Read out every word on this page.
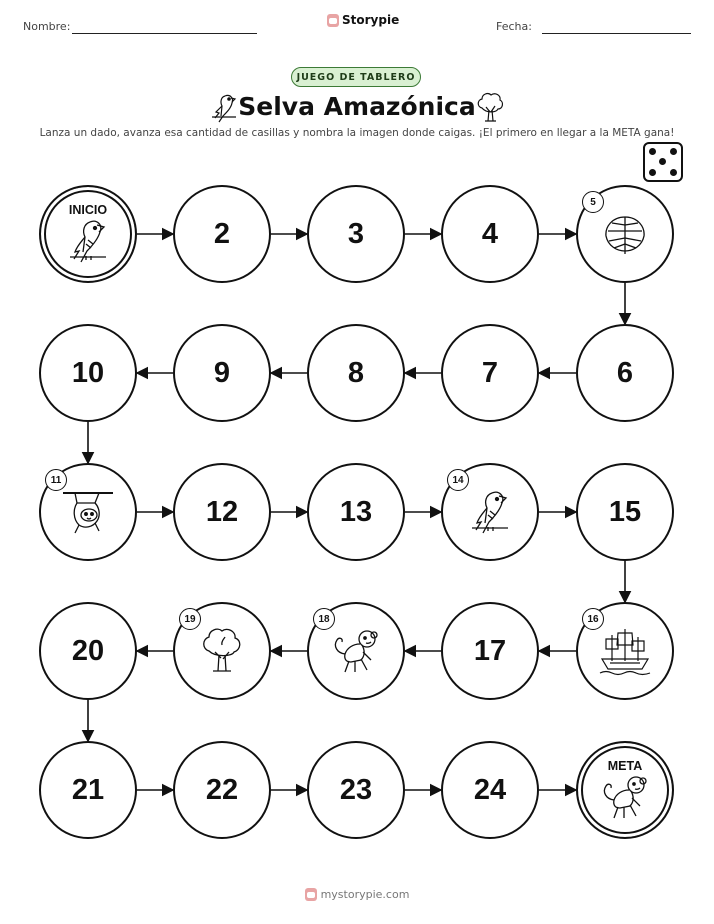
Nombre:	Storypie	Fecha:
JUEGO DE TABLERO
Selva Amazónica
Lanza un dado, avanza esa cantidad de casillas y nombra la imagen donde caigas. ¡El primero en llegar a la META gana!
INICIO
2	3	4
5
6
7
8
9
10
11
12	13
14
15
16
17
18
19
20
21	22	23	24
META
mystorypie.com
